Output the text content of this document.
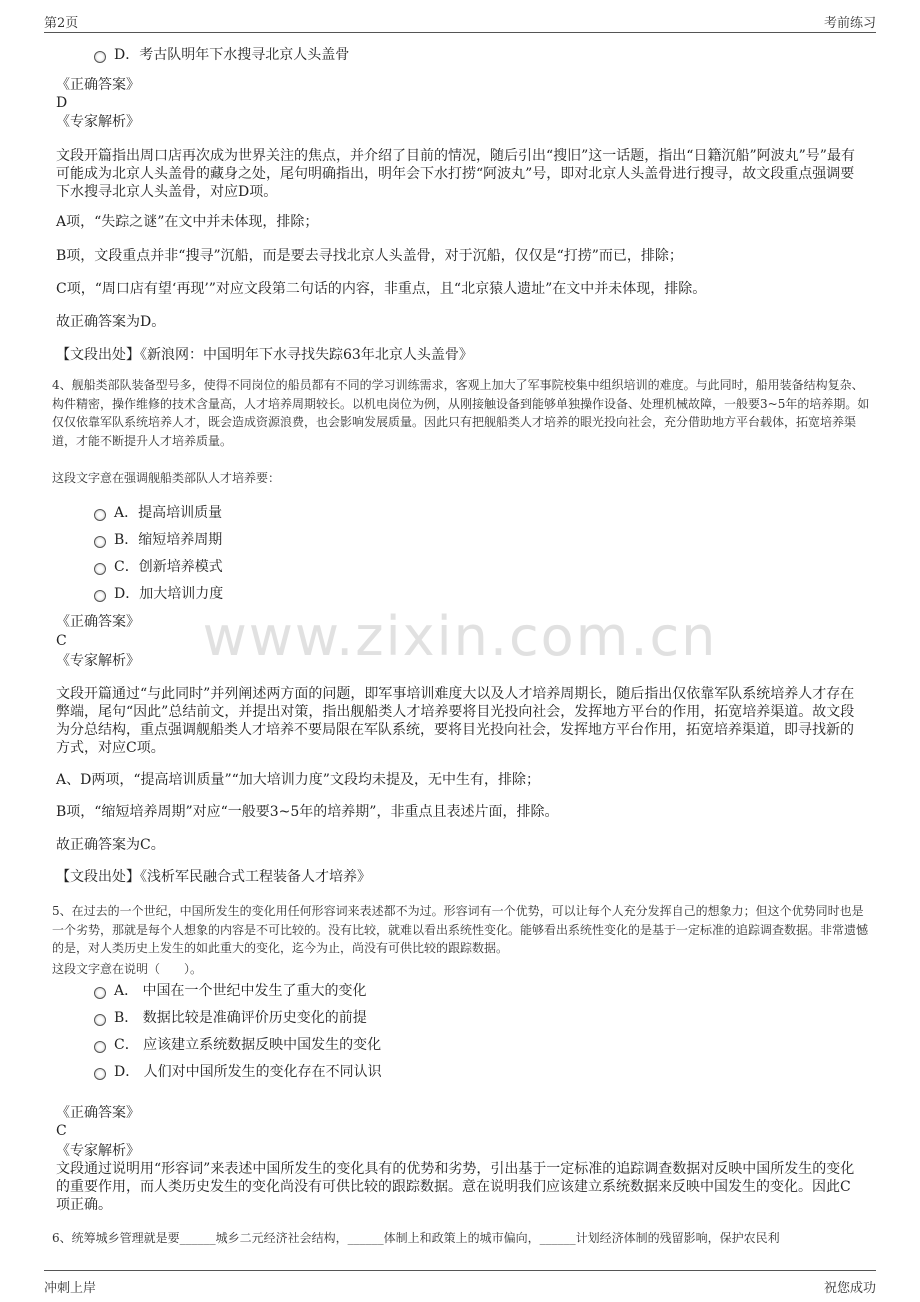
第2页	考前练习
www.zixin.com.cn
D．考古队明年下水搜寻北京人头盖骨
《正确答案》
D
《专家解析》
文段开篇指出周口店再次成为世界关注的焦点，并介绍了目前的情况，随后引出“搜旧”这一话题，指出“日籍沉船”阿波丸”号”最有可能成为北京人头盖骨的藏身之处，尾句明确指出，明年会下水打捞“阿波丸”号，即对北京人头盖骨进行搜寻，故文段重点强调要下水搜寻北京人头盖骨，对应D项。
A项，“失踪之谜”在文中并未体现，排除；
B项，文段重点并非“搜寻”沉船，而是要去寻找北京人头盖骨，对于沉船，仅仅是“打捞”而已，排除；
C项，“周口店有望‘再现’”对应文段第二句话的内容，非重点，且“北京猿人遗址”在文中并未体现，排除。
故正确答案为D。
【文段出处】《新浪网：中国明年下水寻找失踪63年北京人头盖骨》
4、舰船类部队装备型号多，使得不同岗位的船员都有不同的学习训练需求，客观上加大了军事院校集中组织培训的难度。与此同时，船用装备结构复杂、构件精密，操作维修的技术含量高，人才培养周期较长。以机电岗位为例，从刚接触设备到能够单独操作设备、处理机械故障，一般要3~5年的培养期。如仅仅依靠军队系统培养人才，既会造成资源浪费，也会影响发展质量。因此只有把舰船类人才培养的眼光投向社会，充分借助地方平台载体，拓宽培养渠道，才能不断提升人才培养质量。
这段文字意在强调舰船类部队人才培养要：
A．提高培训质量
B．缩短培养周期
C．创新培养模式
D．加大培训力度
《正确答案》
C
《专家解析》
文段开篇通过“与此同时”并列阐述两方面的问题，即军事培训难度大以及人才培养周期长，随后指出仅依靠军队系统培养人才存在弊端，尾句“因此”总结前文，并提出对策，指出舰船类人才培养要将目光投向社会，发挥地方平台的作用，拓宽培养渠道。故文段为分总结构，重点强调舰船类人才培养不要局限在军队系统，要将目光投向社会，发挥地方平台作用，拓宽培养渠道，即寻找新的方式，对应C项。
A、D两项，“提高培训质量”“加大培训力度”文段均未提及，无中生有，排除；
B项，“缩短培养周期”对应“一般要3~5年的培养期”，非重点且表述片面，排除。
故正确答案为C。
【文段出处】《浅析军民融合式工程装备人才培养》
5、在过去的一个世纪，中国所发生的变化用任何形容词来表述都不为过。形容词有一个优势，可以让每个人充分发挥自己的想象力；但这个优势同时也是一个劣势，那就是每个人想象的内容是不可比较的。没有比较，就难以看出系统性变化。能够看出系统性变化的是基于一定标准的追踪调查数据。非常遗憾的是，对人类历史上发生的如此重大的变化，迄今为止，尚没有可供比较的跟踪数据。
这段文字意在说明（　　）。
A． 中国在一个世纪中发生了重大的变化
B． 数据比较是准确评价历史变化的前提
C． 应该建立系统数据反映中国发生的变化
D． 人们对中国所发生的变化存在不同认识
《正确答案》
C
《专家解析》
文段通过说明用“形容词”来表述中国所发生的变化具有的优势和劣势，引出基于一定标准的追踪调查数据对反映中国所发生的变化的重要作用，而人类历史发生的变化尚没有可供比较的跟踪数据。意在说明我们应该建立系统数据来反映中国发生的变化。因此C项正确。
6、统筹城乡管理就是要______城乡二元经济社会结构，______体制上和政策上的城市偏向，______计划经济体制的残留影响，保护农民利
冲刺上岸	祝您成功
